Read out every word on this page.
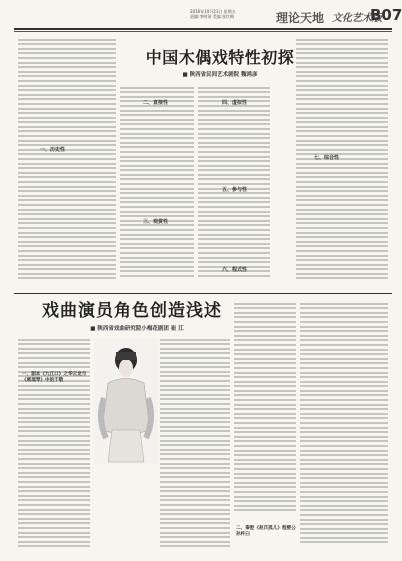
2016年10月21日 星期五
责编:李明铎 美编:张红梅	理论天地 文化艺术版
B07
一、历史性
中国木偶戏特性初探
■ 陕西省民间艺术剧院 魏鸿彦
二、直接性
三、观赏性
四、虚拟性
五、参与性
六、程式性
七、综合性
戏曲演员角色创造浅述
■ 陕西省戏曲研究院小梅花剧团 崔 江
一、剧本《九江口》之华云龙与《刺瑶琴》中的于敬
二、秦腔《赵氏孤儿》程婴公孙杵臼
